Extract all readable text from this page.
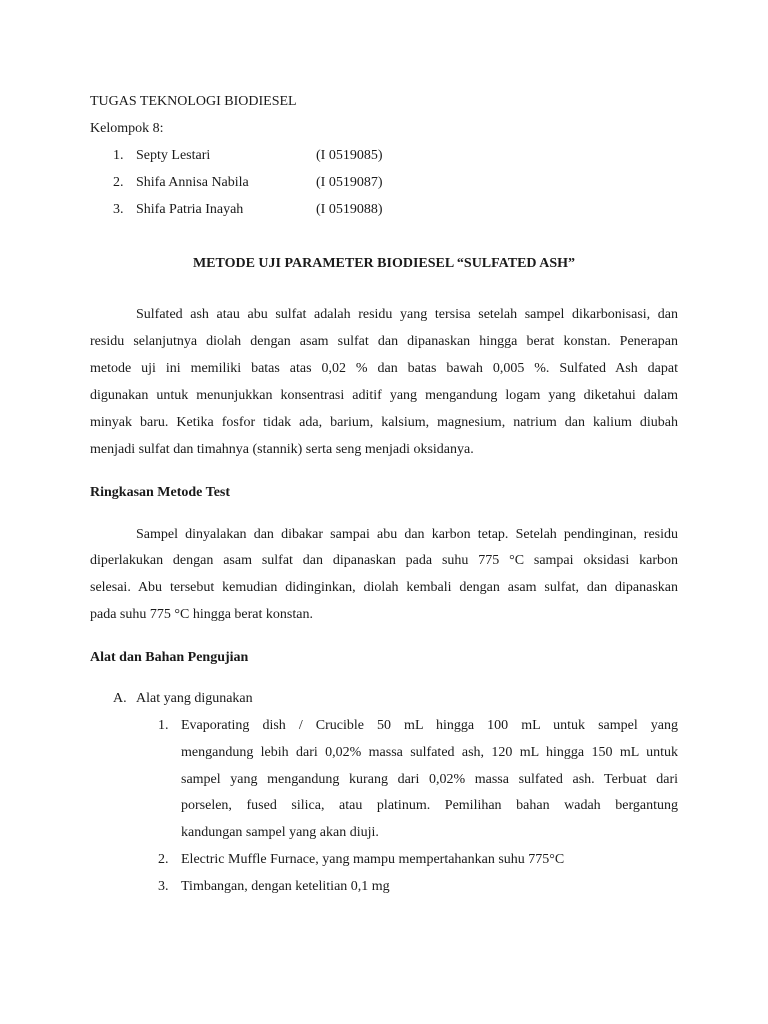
TUGAS TEKNOLOGI BIODIESEL
Kelompok 8:
1. Septy Lestari	(I 0519085)
2. Shifa Annisa Nabila	(I 0519087)
3. Shifa Patria Inayah	(I 0519088)
METODE UJI PARAMETER BIODIESEL “SULFATED ASH”
Sulfated ash atau abu sulfat adalah residu yang tersisa setelah sampel dikarbonisasi, dan
residu selanjutnya diolah dengan asam sulfat dan dipanaskan hingga berat konstan. Penerapan
metode uji ini memiliki batas atas 0,02 % dan batas bawah 0,005 %. Sulfated Ash dapat
digunakan untuk menunjukkan konsentrasi aditif yang mengandung logam yang diketahui dalam
minyak baru. Ketika fosfor tidak ada, barium, kalsium, magnesium, natrium dan kalium diubah
menjadi sulfat dan timahnya (stannik) serta seng menjadi oksidanya.
Ringkasan Metode Test
Sampel dinyalakan dan dibakar sampai abu dan karbon tetap. Setelah pendinginan, residu
diperlakukan dengan asam sulfat dan dipanaskan pada suhu 775 °C sampai oksidasi karbon
selesai. Abu tersebut kemudian didinginkan, diolah kembali dengan asam sulfat, dan dipanaskan
pada suhu 775 °C hingga berat konstan.
Alat dan Bahan Pengujian
A. Alat yang digunakan
1. Evaporating dish / Crucible 50 mL hingga 100 mL untuk sampel yang
mengandung lebih dari 0,02% massa sulfated ash, 120 mL hingga 150 mL untuk
sampel yang mengandung kurang dari 0,02% massa sulfated ash. Terbuat dari
porselen, fused silica, atau platinum. Pemilihan bahan wadah bergantung
kandungan sampel yang akan diuji.
2. Electric Muffle Furnace, yang mampu mempertahankan suhu 775°C
3. Timbangan, dengan ketelitian 0,1 mg
